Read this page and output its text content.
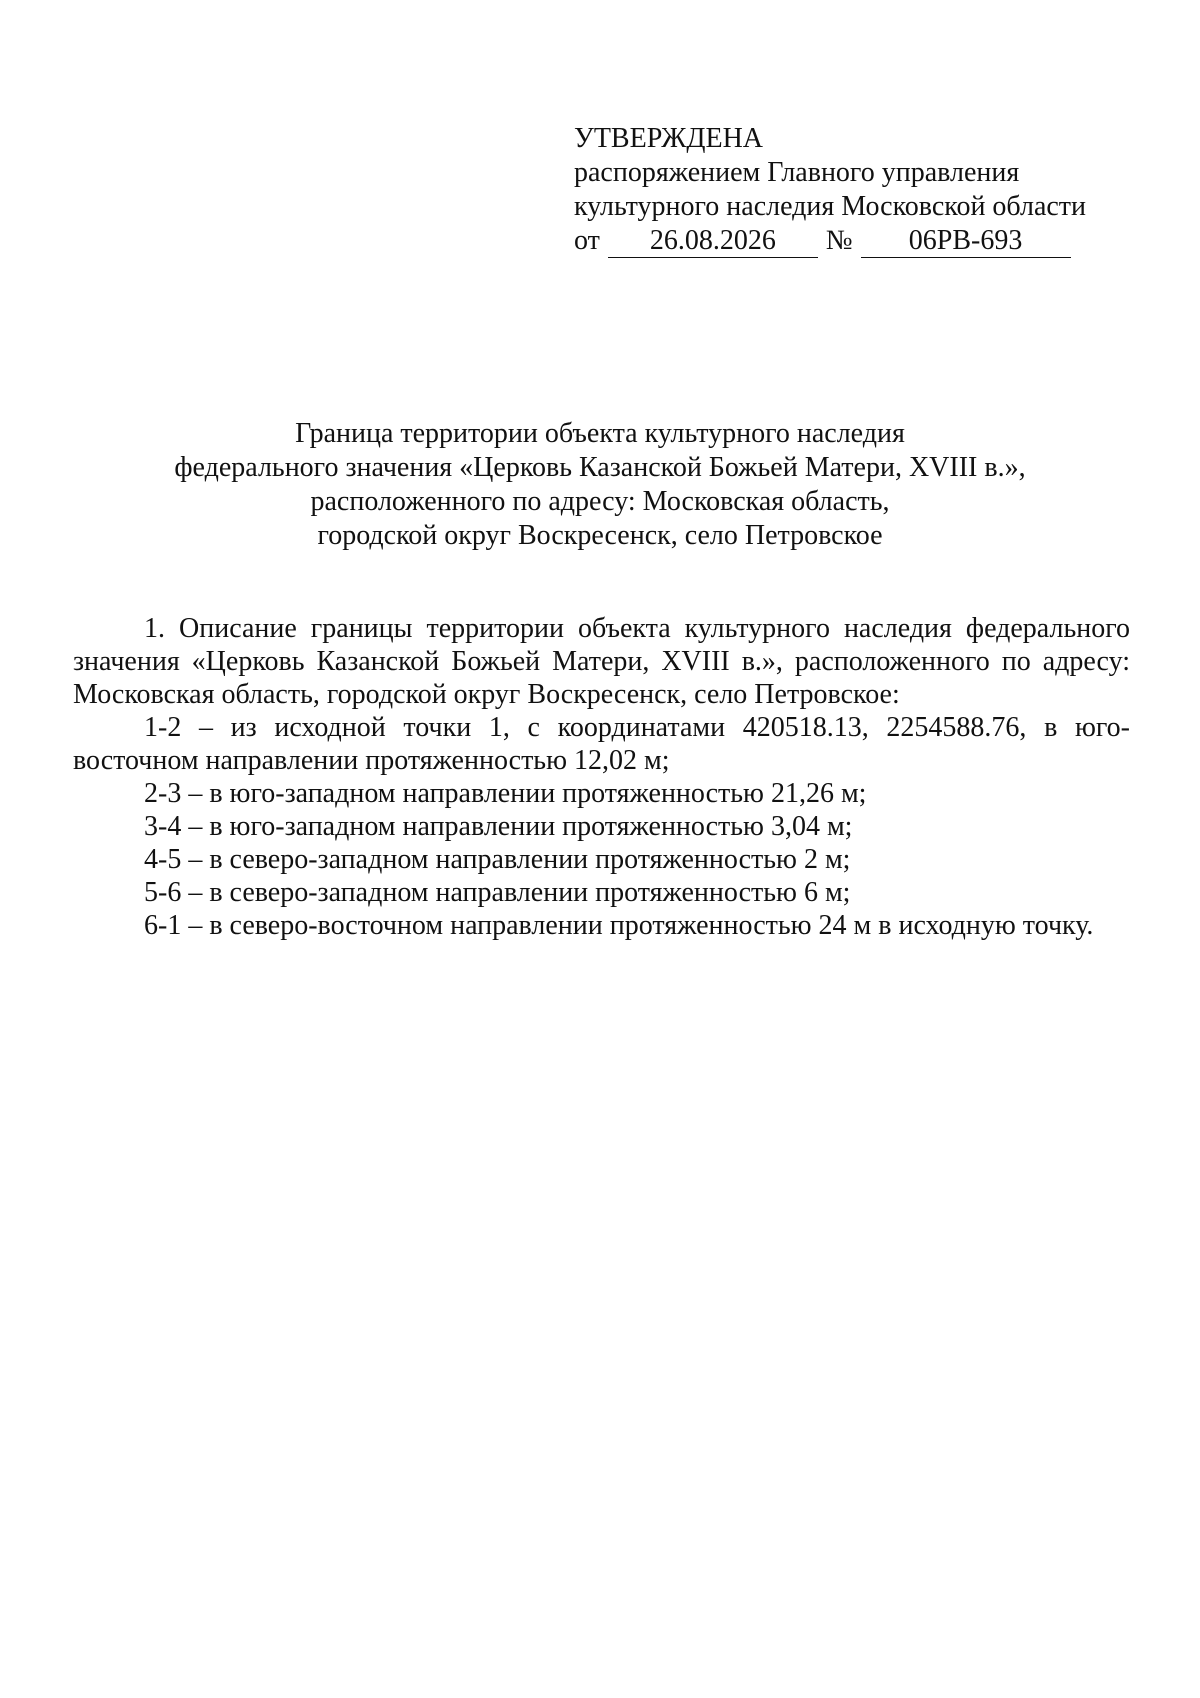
УТВЕРЖДЕНА
распоряжением Главного управления
культурного наследия Московской области
от	26.08.2026	№	06РВ-693
Граница территории объекта культурного наследия
федерального значения «Церковь Казанской Божьей Матери, XVIII в.»,
расположенного по адресу: Московская область,
городской округ Воскресенск, село Петровское

1. Описание границы территории объекта культурного наследия федерального значения «Церковь Казанской Божьей Матери, XVIII в.», расположенного по адресу: Московская область, городской округ Воскресенск, село Петровское:

1-2 – из исходной точки 1, с координатами 420518.13, 2254588.76, в юго-восточном направлении протяженностью 12,02 м;

2-3 – в юго-западном направлении протяженностью 21,26 м;

3-4 – в юго-западном направлении протяженностью 3,04 м;

4-5 – в северо-западном направлении протяженностью 2 м;

5-6 – в северо-западном направлении протяженностью 6 м;

6-1 – в северо-восточном направлении протяженностью 24 м в исходную точку.
